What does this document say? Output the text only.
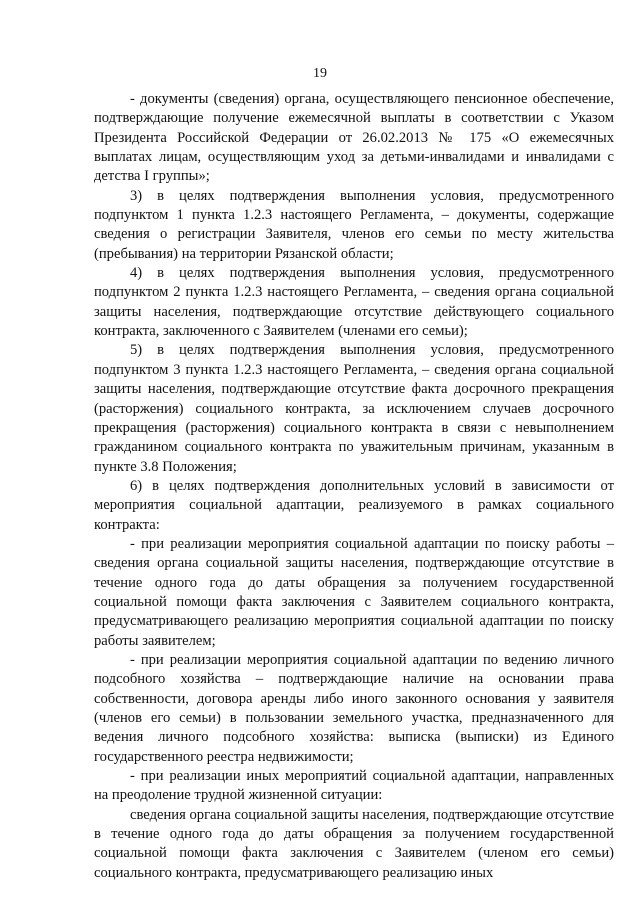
19

- документы (сведения) органа, осуществляющего пенсионное обеспечение, подтверждающие получение ежемесячной выплаты в соответствии с Указом Президента Российской Федерации от 26.02.2013 № 175 «О ежемесячных выплатах лицам, осуществляющим уход за детьми-инвалидами и инвалидами с детства I группы»;

3) в целях подтверждения выполнения условия, предусмотренного подпунктом 1 пункта 1.2.3 настоящего Регламента, – документы, содержащие сведения о регистрации Заявителя, членов его семьи по месту жительства (пребывания) на территории Рязанской области;

4) в целях подтверждения выполнения условия, предусмотренного подпунктом 2 пункта 1.2.3 настоящего Регламента, – сведения органа социальной защиты населения, подтверждающие отсутствие действующего социального контракта, заключенного с Заявителем (членами его семьи);

5) в целях подтверждения выполнения условия, предусмотренного подпунктом 3 пункта 1.2.3 настоящего Регламента, – сведения органа социальной защиты населения, подтверждающие отсутствие факта досрочного прекращения (расторжения) социального контракта, за исключением случаев досрочного прекращения (расторжения) социального контракта в связи с невыполнением гражданином социального контракта по уважительным причинам, указанным в пункте 3.8 Положения;

6) в целях подтверждения дополнительных условий в зависимости от мероприятия социальной адаптации, реализуемого в рамках социального контракта:

- при реализации мероприятия социальной адаптации по поиску работы – сведения органа социальной защиты населения, подтверждающие отсутствие в течение одного года до даты обращения за получением государственной социальной помощи факта заключения с Заявителем социального контракта, предусматривающего реализацию мероприятия социальной адаптации по поиску работы заявителем;

- при реализации мероприятия социальной адаптации по ведению личного подсобного хозяйства – подтверждающие наличие на основании права собственности, договора аренды либо иного законного основания у заявителя (членов его семьи) в пользовании земельного участка, предназначенного для ведения личного подсобного хозяйства: выписка (выписки) из Единого государственного реестра недвижимости;

- при реализации иных мероприятий социальной адаптации, направленных на преодоление трудной жизненной ситуации:

сведения органа социальной защиты населения, подтверждающие отсутствие в течение одного года до даты обращения за получением государственной социальной помощи факта заключения с Заявителем (членом его семьи) социального контракта, предусматривающего реализацию иных
